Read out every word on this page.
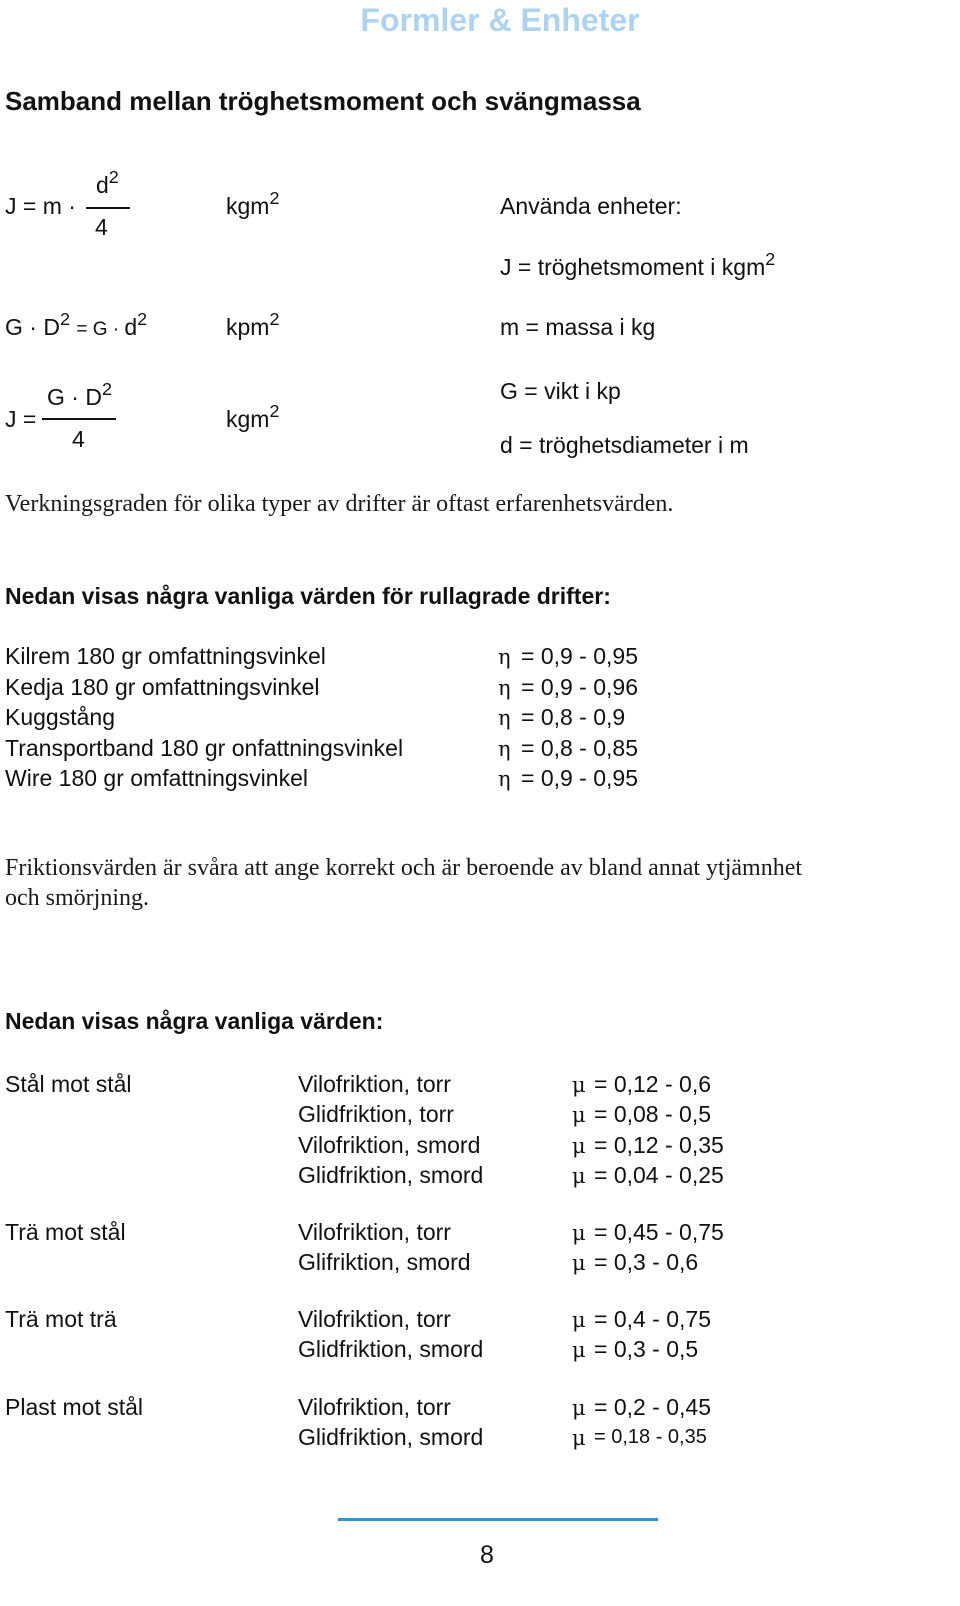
Formler & Enheter
Samband mellan tröghetsmoment och svängmassa
J = m ·
$d^2$
4
kgm$^2$
$G \cdot D^2 = G \cdot d^2$	kpm$^2$
J =
$G \cdot D^2$
4
kgm$^2$
Använda enheter:
J = tröghetsmoment i kgm$^2$
m = massa i kg
G = vikt i kp
d = tröghetsdiameter i m
Verkningsgraden för olika typer av drifter är oftast erfarenhetsvärden.
Nedan visas några vanliga värden för rullagrade drifter:
Kilrem 180 gr omfattningsvinkel	η = 0,9 - 0,95
Kedja 180 gr omfattningsvinkel	η = 0,9 - 0,96
Kuggstång	η = 0,8 - 0,9
Transportband 180 gr onfattningsvinkel	η = 0,8 - 0,85
Wire 180 gr omfattningsvinkel	η = 0,9 - 0,95
Friktionsvärden är svåra att ange korrekt och är beroende av bland annat ytjämnhet
och smörjning.
Nedan visas några vanliga värden:
Stål mot stål	Vilofriktion, torr	μ = 0,12 - 0,6
Glidfriktion, torr	μ = 0,08 - 0,5
Vilofriktion, smord	μ = 0,12 - 0,35
Glidfriktion, smord	μ = 0,04 - 0,25
Trä mot stål	Vilofriktion, torr	μ = 0,45 - 0,75
Glifriktion, smord	μ = 0,3 - 0,6
Trä mot trä	Vilofriktion, torr	μ = 0,4 - 0,75
Glidfriktion, smord	μ = 0,3 - 0,5
Plast mot stål	Vilofriktion, torr	μ = 0,2 - 0,45
Glidfriktion, smord	μ = 0,18 - 0,35
8
